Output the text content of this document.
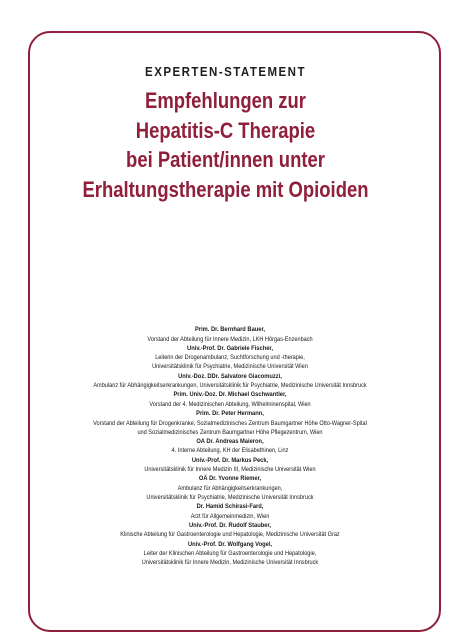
EXPERTEN-STATEMENT
Empfehlungen zur
Hepatitis-C Therapie
bei Patient/innen unter
Erhaltungstherapie mit Opioiden
Prim. Dr. Bernhard Bauer,
Vorstand der Abteilung für Innere Medizin, LKH Hörgas-Enzenbach
Univ.-Prof. Dr. Gabriele Fischer,
Leiterin der Drogenambulanz, Suchtforschung und -therapie,
Universitätsklinik für Psychiatrie, Medizinische Universität Wien
Univ.-Doz. DDr. Salvatore Giacomuzzi,
Ambulanz für Abhängigkeitserkrankungen, Universitätsklinik für Psychiatrie, Medizinische Universität Innsbruck
Prim. Univ.-Doz. Dr. Michael Gschwantler,
Vorstand der 4. Medizinischen Abteilung, Wilhelminenspital, Wien
Prim. Dr. Peter Hermann,
Vorstand der Abteilung für Drogenkranke, Sozialmedizinisches Zentrum Baumgartner Höhe Otto-Wagner-Spital
und Sozialmedizinisches Zentrum Baumgartner Höhe Pflegezentrum, Wien
OA Dr. Andreas Maieron,
4. Interne Abteilung, KH der Elisabethinen, Linz
Univ.-Prof. Dr. Markus Peck,
Universitätsklinik für Innere Medizin III, Medizinische Universität Wien
OÄ Dr. Yvonne Riemer,
Ambulanz für Abhängigkeitserkrankungen,
Universitätsklinik für Psychiatrie, Medizinische Universität Innsbruck
Dr. Hamid Schirasi-Fard,
Arzt für Allgemeinmedizin, Wien
Univ.-Prof. Dr. Rudolf Stauber,
Klinische Abteilung für Gastroenterologie und Hepatologie, Medizinische Universität Graz
Univ.-Prof. Dr. Wolfgang Vogel,
Leiter der Klinischen Abteilung für Gastroenterologie und Hepatologie,
Universitätsklinik für Innere Medizin, Medizinische Universität Innsbruck
